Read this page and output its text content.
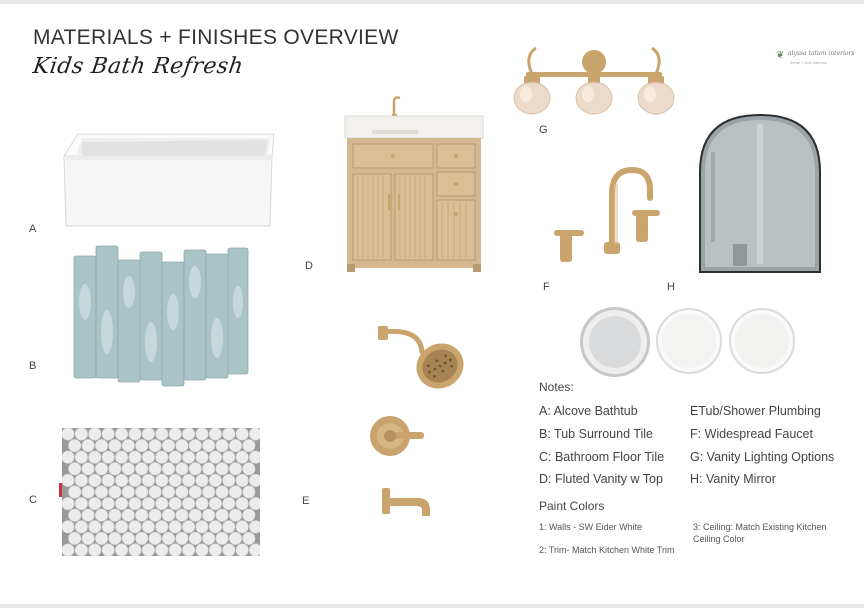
MATERIALS + FINISHES OVERVIEW
Kids Bath Refresh	❦ alyssa tatum interiors
home + kids interiors
A
B
C
D
E
F
G
H
Notes:
A: Alcove Bathtub
B: Tub Surround Tile
C: Bathroom Floor Tile
D: Fluted Vanity w Top
ETub/Shower Plumbing
F: Widespread Faucet
G: Vanity Lighting Options
H: Vanity Mirror
Paint Colors
1: Walls - SW Eider White
2: Trim- Match Kitchen White Trim
3: Ceiling: Match Existing Kitchen
Ceiling Color
